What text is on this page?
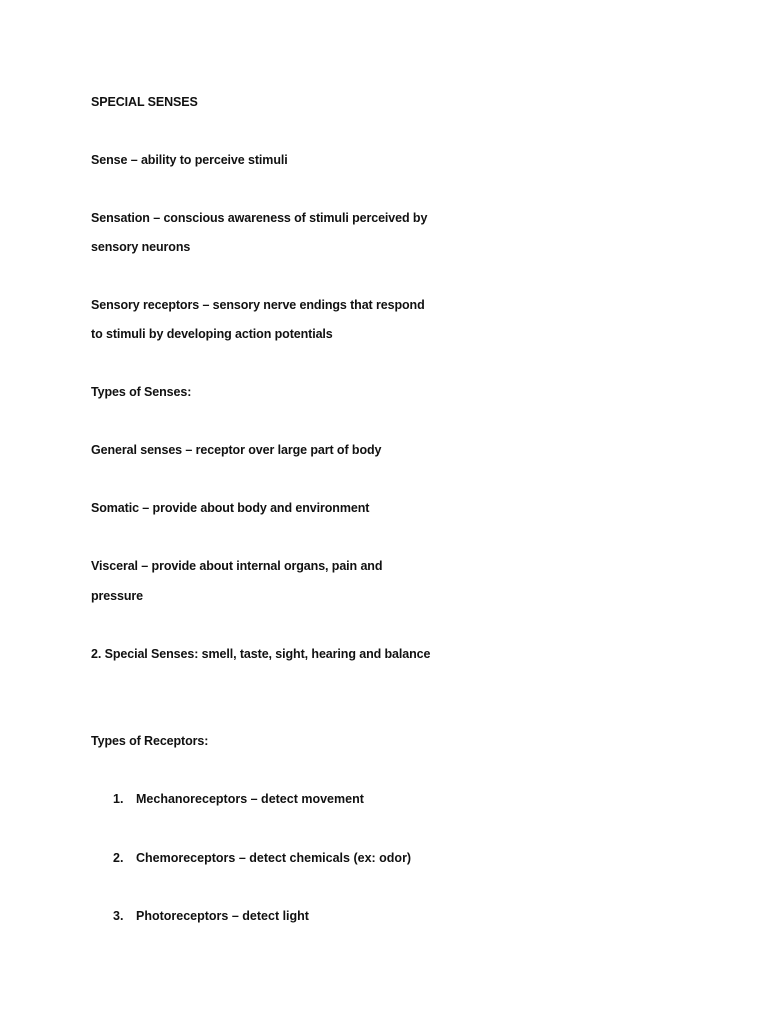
SPECIAL SENSES
Sense – ability to perceive stimuli
Sensation – conscious awareness of stimuli perceived by
sensory neurons
Sensory receptors – sensory nerve endings that respond
to stimuli by developing action potentials
Types of Senses:
General senses – receptor over large part of body
Somatic – provide about body and environment
Visceral – provide about internal organs, pain and
pressure
2. Special Senses: smell, taste, sight, hearing and balance
Types of Receptors:
1. Mechanoreceptors – detect movement
2. Chemoreceptors – detect chemicals (ex: odor)
3. Photoreceptors – detect light
